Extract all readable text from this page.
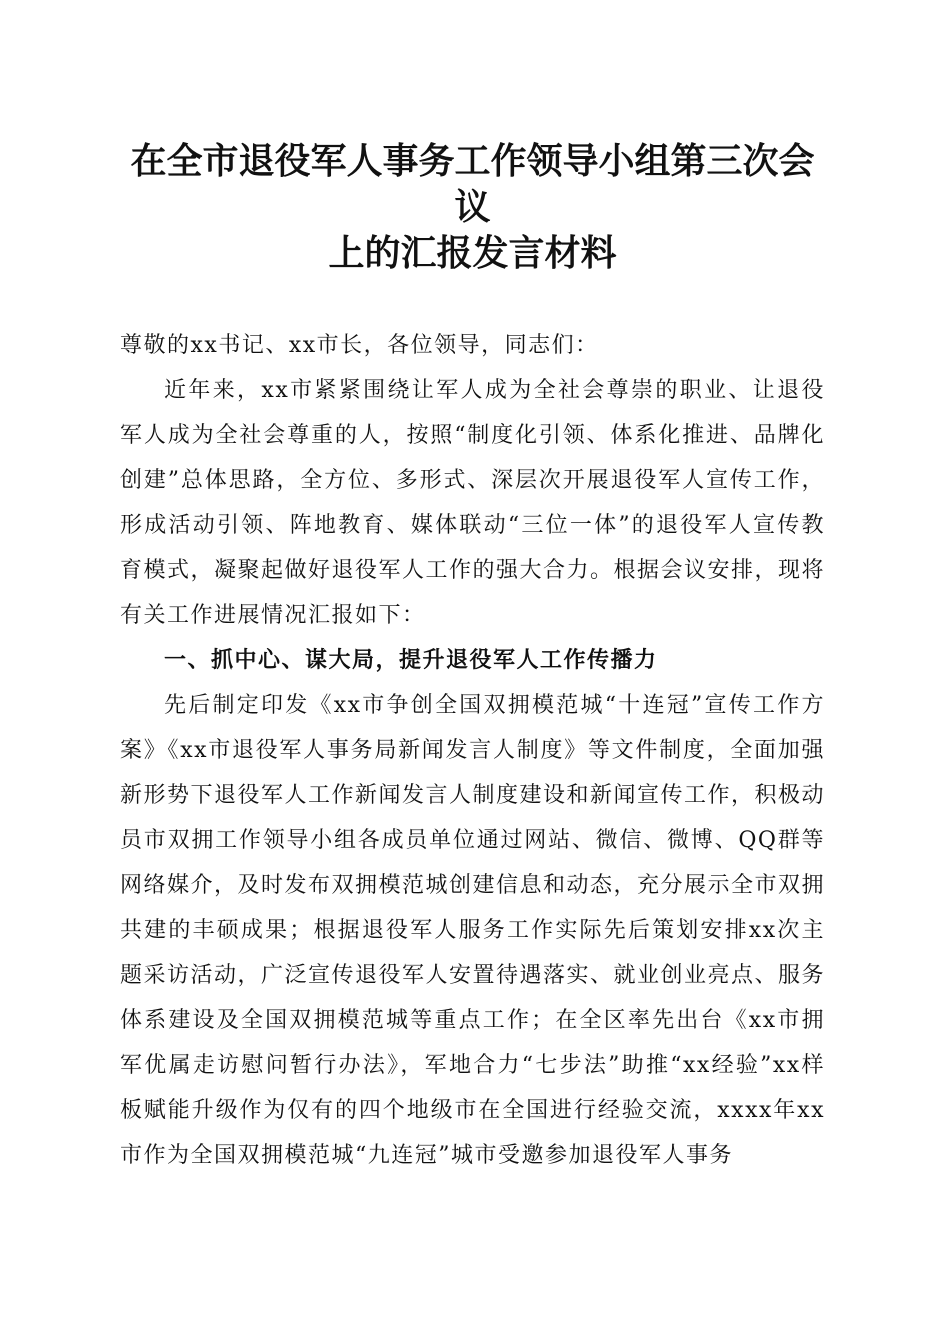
在全市退役军人事务工作领导小组第三次会议
上的汇报发言材料

尊敬的xx书记、xx市长，各位领导，同志们：

近年来，xx市紧紧围绕让军人成为全社会尊崇的职业、让退役军人成为全社会尊重的人，按照“制度化引领、体系化推进、品牌化创建”总体思路，全方位、多形式、深层次开展退役军人宣传工作，形成活动引领、阵地教育、媒体联动“三位一体”的退役军人宣传教育模式，凝聚起做好退役军人工作的强大合力。根据会议安排，现将有关工作进展情况汇报如下：

一、抓中心、谋大局，提升退役军人工作传播力

先后制定印发《xx市争创全国双拥模范城“十连冠”宣传工作方案》《xx市退役军人事务局新闻发言人制度》等文件制度，全面加强新形势下退役军人工作新闻发言人制度建设和新闻宣传工作，积极动员市双拥工作领导小组各成员单位通过网站、微信、微博、QQ群等网络媒介，及时发布双拥模范城创建信息和动态，充分展示全市双拥共建的丰硕成果；根据退役军人服务工作实际先后策划安排xx次主题采访活动，广泛宣传退役军人安置待遇落实、就业创业亮点、服务体系建设及全国双拥模范城等重点工作；在全区率先出台《xx市拥军优属走访慰问暂行办法》，军地合力“七步法”助推“xx经验”xx样板赋能升级作为仅有的四个地级市在全国进行经验交流，xxxx年xx市作为全国双拥模范城“九连冠”城市受邀参加退役军人事务
